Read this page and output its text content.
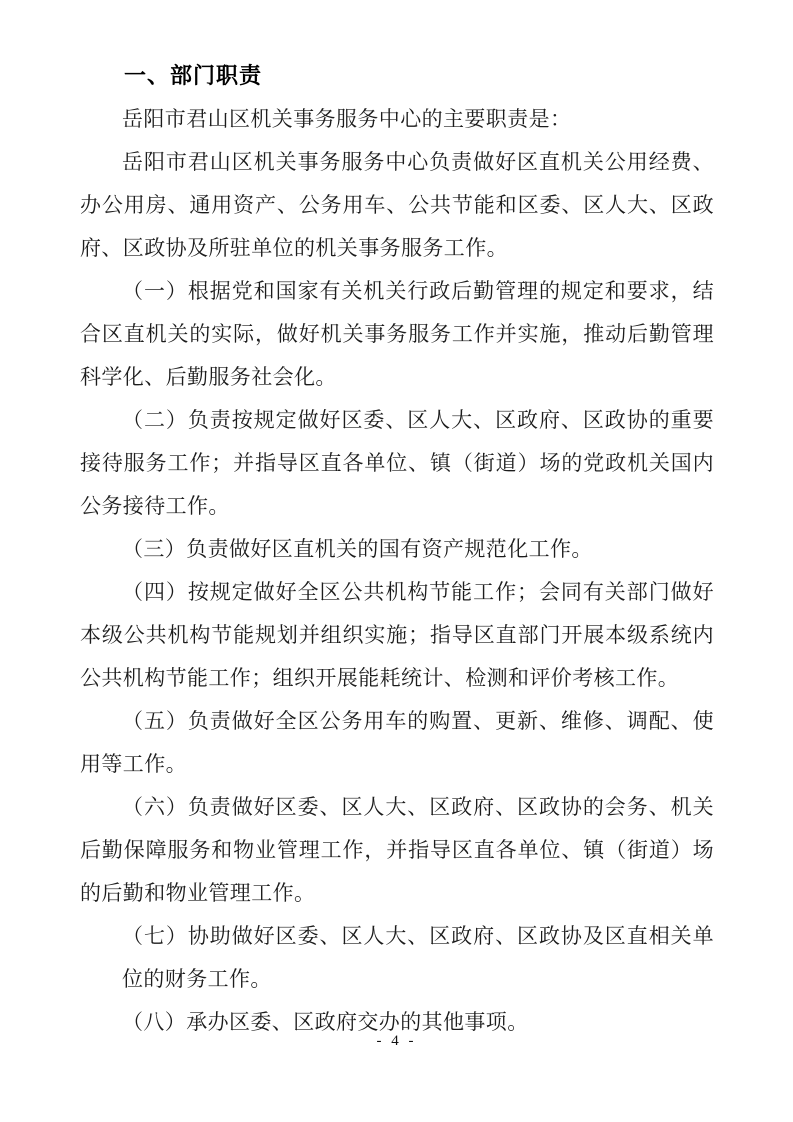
一、部门职责

岳阳市君山区机关事务服务中心的主要职责是：

岳阳市君山区机关事务服务中心负责做好区直机关公用经费、办公用房、通用资产、公务用车、公共节能和区委、区人大、区政府、区政协及所驻单位的机关事务服务工作。

（一）根据党和国家有关机关行政后勤管理的规定和要求，结合区直机关的实际，做好机关事务服务工作并实施，推动后勤管理科学化、后勤服务社会化。

（二）负责按规定做好区委、区人大、区政府、区政协的重要接待服务工作；并指导区直各单位、镇（街道）场的党政机关国内公务接待工作。

（三）负责做好区直机关的国有资产规范化工作。

（四）按规定做好全区公共机构节能工作；会同有关部门做好本级公共机构节能规划并组织实施；指导区直部门开展本级系统内公共机构节能工作；组织开展能耗统计、检测和评价考核工作。

（五）负责做好全区公务用车的购置、更新、维修、调配、使用等工作。

（六）负责做好区委、区人大、区政府、区政协的会务、机关后勤保障服务和物业管理工作，并指导区直各单位、镇（街道）场的后勤和物业管理工作。

（七）协助做好区委、区人大、区政府、区政协及区直相关单位的财务工作。

（八）承办区委、区政府交办的其他事项。

- 4 -
